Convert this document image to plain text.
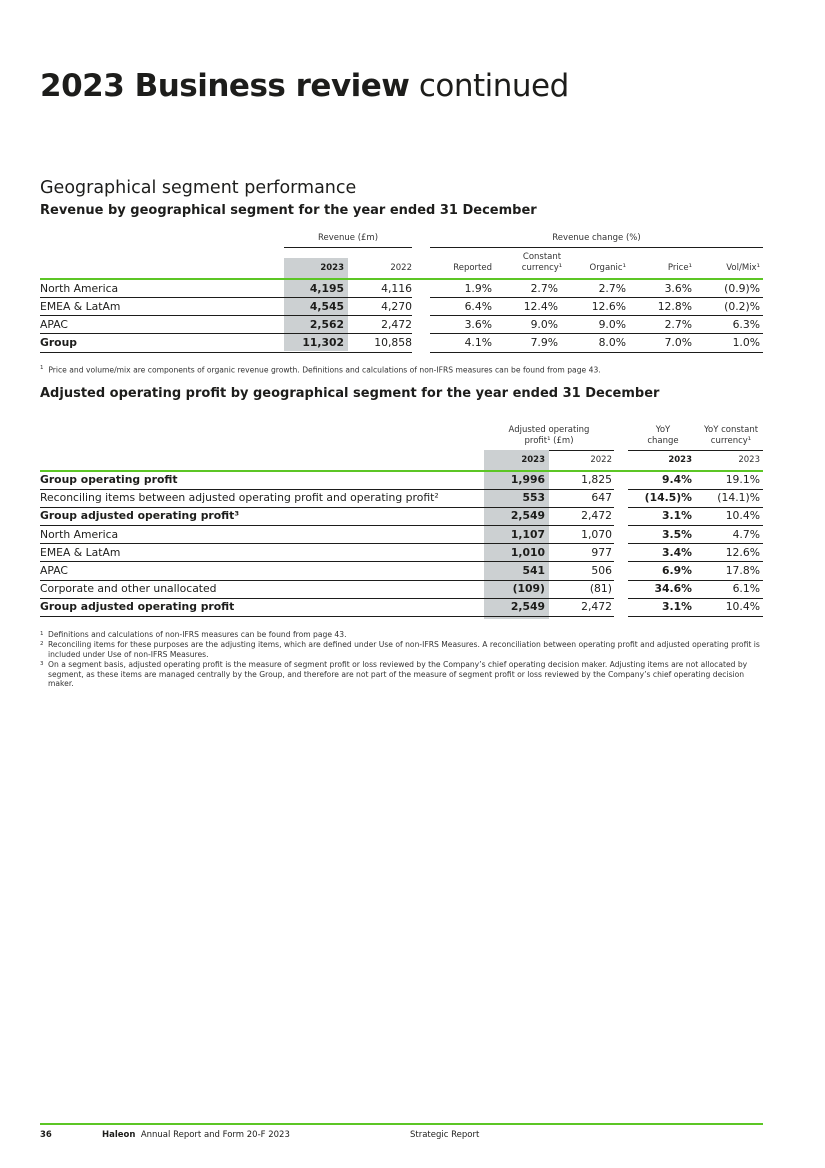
2023 Business review continued
Geographical segment performance
Revenue by geographical segment for the year ended 31 December
Revenue (£m)	Revenue change (%)
2023	2022	Reported
Constant
currency¹	Organic¹	Price¹	Vol/Mix¹
North America	4,195	4,116	1.9%	2.7%	2.7%	3.6%	(0.9)%
EMEA & LatAm	4,545	4,270	6.4%	12.4%	12.6%	12.8%	(0.2)%
APAC	2,562	2,472	3.6%	9.0%	9.0%	2.7%	6.3%
Group	11,302	10,858	4.1%	7.9%	8.0%	7.0%	1.0%
$^1$ Price and volume/mix are components of organic revenue growth. Definitions and calculations of non-IFRS measures can be found from page 43.
Adjusted operating profit by geographical segment for the year ended 31 December
Adjusted operating
profit¹ (£m)
YoY
change
YoY constant
currency¹
2023	2022	2023	2023
Group operating profit	1,996	1,825	9.4%	19.1%
Reconciling items between adjusted operating profit and operating profit²	553	647	(14.5)%	(14.1)%
Group adjusted operating profit³	2,549	2,472	3.1%	10.4%
North America	1,107	1,070	3.5%	4.7%
EMEA & LatAm	1,010	977	3.4%	12.6%
APAC	541	506	6.9%	17.8%
Corporate and other unallocated	(109)	(81)	34.6%	6.1%
Group adjusted operating profit	2,549	2,472	3.1%	10.4%
1 Definitions and calculations of non-IFRS measures can be found from page 43.
2 Reconciling items for these purposes are the adjusting items, which are defined under Use of non-IFRS Measures. A reconciliation between operating profit and adjusted operating profit is included under Use of non-IFRS Measures.
3 On a segment basis, adjusted operating profit is the measure of segment profit or loss reviewed by the Company’s chief operating decision maker. Adjusting items are not allocated by segment, as these items are managed centrally by the Group, and therefore are not part of the measure of segment profit or loss reviewed by the Company’s chief operating decision maker.
36	Haleon Annual Report and Form 20-F 2023	Strategic Report
